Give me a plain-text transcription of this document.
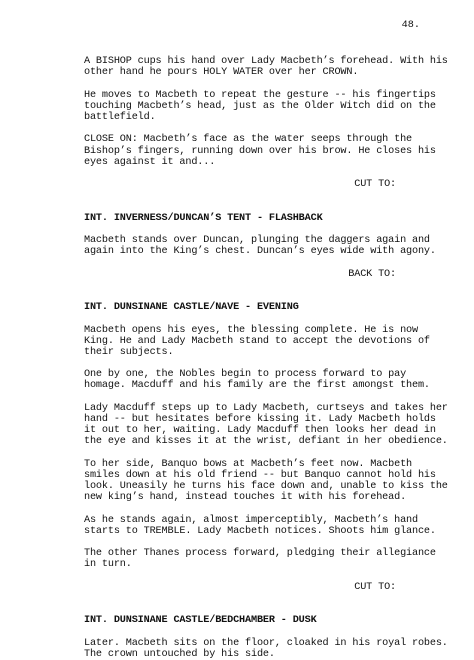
48.
A BISHOP cups his hand over Lady Macbeth’s forehead. With his
other hand he pours HOLY WATER over her CROWN.
He moves to Macbeth to repeat the gesture -- his fingertips
touching Macbeth’s head, just as the Older Witch did on the
battlefield.
CLOSE ON: Macbeth’s face as the water seeps through the
Bishop’s fingers, running down over his brow. He closes his
eyes against it and...
CUT TO:
INT. INVERNESS/DUNCAN’S TENT - FLASHBACK
Macbeth stands over Duncan, plunging the daggers again and
again into the King’s chest. Duncan’s eyes wide with agony.
BACK TO:
INT. DUNSINANE CASTLE/NAVE - EVENING
Macbeth opens his eyes, the blessing complete. He is now
King. He and Lady Macbeth stand to accept the devotions of
their subjects.
One by one, the Nobles begin to process forward to pay
homage. Macduff and his family are the first amongst them.
Lady Macduff steps up to Lady Macbeth, curtseys and takes her
hand -- but hesitates before kissing it. Lady Macbeth holds
it out to her, waiting. Lady Macduff then looks her dead in
the eye and kisses it at the wrist, defiant in her obedience.
To her side, Banquo bows at Macbeth’s feet now. Macbeth
smiles down at his old friend -- but Banquo cannot hold his
look. Uneasily he turns his face down and, unable to kiss the
new king’s hand, instead touches it with his forehead.
As he stands again, almost imperceptibly, Macbeth’s hand
starts to TREMBLE. Lady Macbeth notices. Shoots him glance.
The other Thanes process forward, pledging their allegiance
in turn.
CUT TO:
INT. DUNSINANE CASTLE/BEDCHAMBER - DUSK
Later. Macbeth sits on the floor, cloaked in his royal robes.
The crown untouched by his side.
